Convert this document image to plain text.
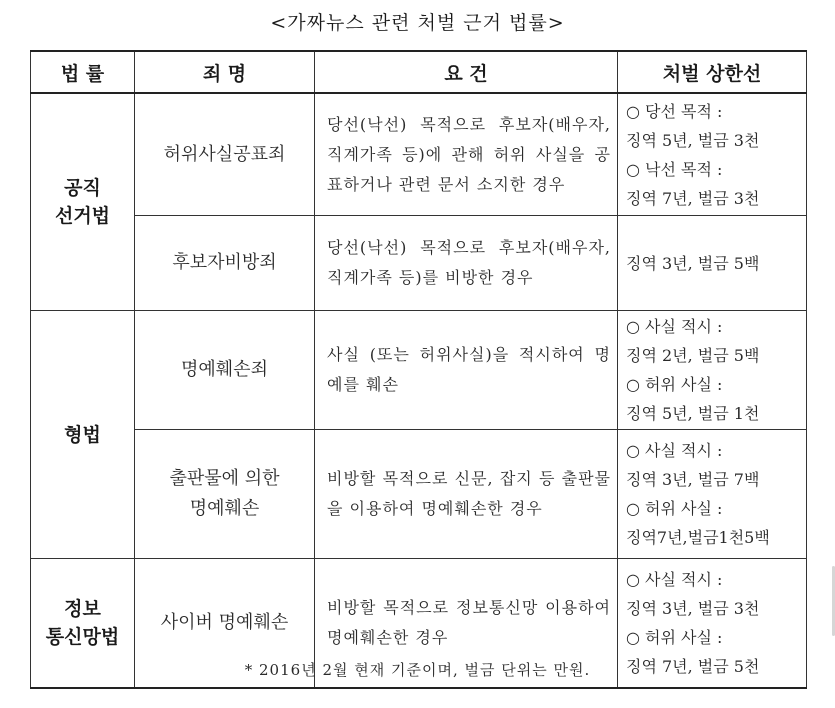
<가짜뉴스 관련 처벌 근거 법률>
법 률	죄 명	요 건	처벌 상한선

공직
선거법	허위사실공표죄	당선(낙선) 목적으로 후보자(배우자, 직계가족 등)에 관해 허위 사실을 공표하거나 관련 문서 소지한 경우	○ 당선 목적 :
징역 5년, 벌금 3천
○ 낙선 목적 :
징역 7년, 벌금 3천

	후보자비방죄	당선(낙선) 목적으로 후보자(배우자, 직계가족 등)를 비방한 경우	징역 3년, 벌금 5백

형법	명예훼손죄	사실 (또는 허위사실)을 적시하여 명예를 훼손	○ 사실 적시 :
징역 2년, 벌금 5백
○ 허위 사실 :
징역 5년, 벌금 1천

	출판물에 의한
명예훼손	비방할 목적으로 신문, 잡지 등 출판물을 이용하여 명예훼손한 경우	○ 사실 적시 :
징역 3년, 벌금 7백
○ 허위 사실 :
징역7년,벌금1천5백

정보
통신망법	사이버 명예훼손	비방할 목적으로 정보통신망 이용하여 명예훼손한 경우	○ 사실 적시 :
징역 3년, 벌금 3천
○ 허위 사실 :
징역 7년, 벌금 5천
* 2016년 2월 현재 기준이며, 벌금 단위는 만원.
